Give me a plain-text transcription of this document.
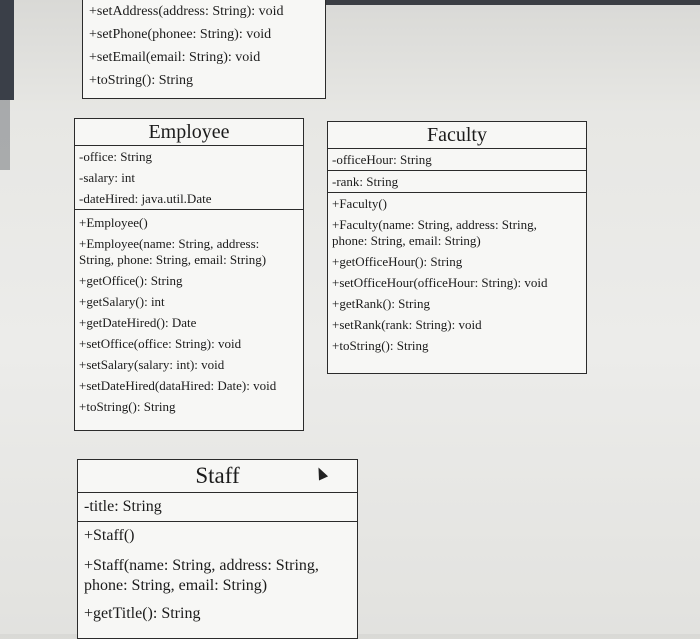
+setAddress(address: String): void
+setPhone(phonee: String): void
+setEmail(email: String): void
+toString(): String
Employee
-office: String
-salary: int
-dateHired: java.util.Date
+Employee()
+Employee(name: String, address: String, phone: String, email: String)
+getOffice(): String
+getSalary(): int
+getDateHired(): Date
+setOffice(office: String): void
+setSalary(salary: int): void
+setDateHired(dataHired: Date): void
+toString(): String
Faculty
-officeHour: String
-rank: String
+Faculty()
+Faculty(name: String, address: String, phone: String, email: String)
+getOfficeHour(): String
+setOfficeHour(officeHour: String): void
+getRank(): String
+setRank(rank: String): void
+toString(): String
Staff
-title: String
+Staff()
+Staff(name: String, address: String, phone: String, email: String)
+getTitle(): String
